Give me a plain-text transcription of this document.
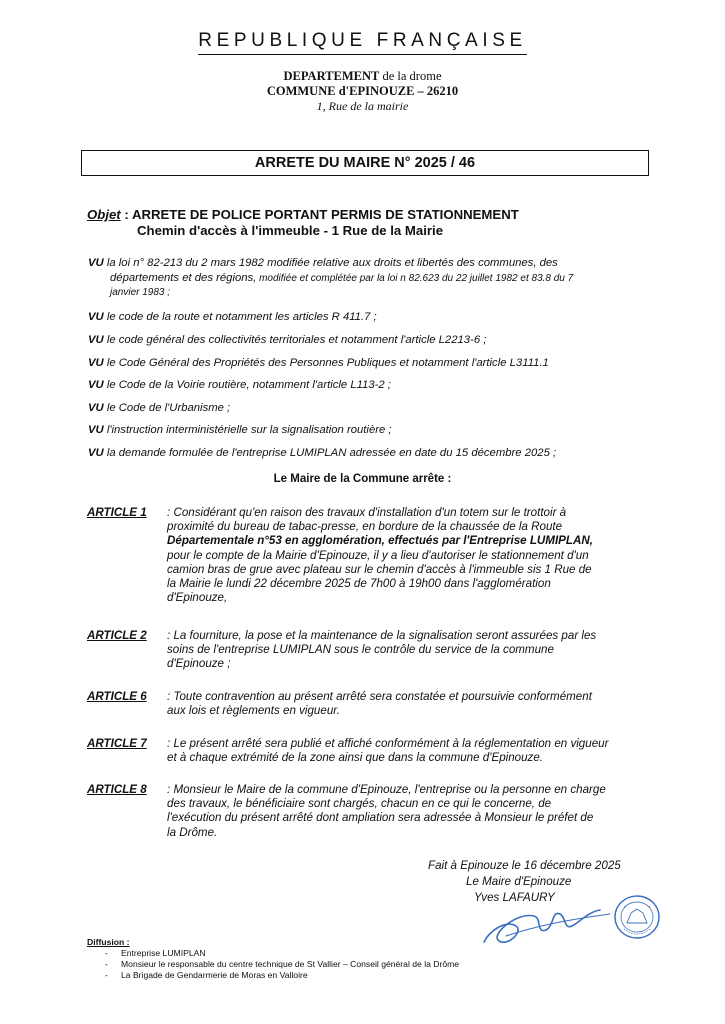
REPUBLIQUE FRANÇAISE
DEPARTEMENT de la drome
COMMUNE d'EPINOUZE – 26210
1, Rue de la mairie
ARRETE DU MAIRE N° 2025 / 46
Objet : ARRETE DE POLICE PORTANT PERMIS DE STATIONNEMENT
Chemin d'accès à l'immeuble - 1 Rue de la Mairie
VU la loi n° 82-213 du 2 mars 1982 modifiée relative aux droits et libertés des communes, des
départements et des régions, modifiée et complétée par la loi n 82.623 du 22 juillet 1982 et 83.8 du 7
janvier 1983 ;
VU le code de la route et notamment les articles R 411.7 ;
VU le code général des collectivités territoriales et notamment l'article L2213-6 ;
VU le Code Général des Propriétés des Personnes Publiques et notamment l'article L3111.1
VU le Code de la Voirie routière, notamment l'article L113-2 ;
VU le Code de l'Urbanisme ;
VU l'instruction interministérielle sur la signalisation routière ;
VU la demande formulée de l'entreprise LUMIPLAN adressée en date du 15 décembre 2025 ;
Le Maire de la Commune arrête :
ARTICLE 1 : Considérant qu'en raison des travaux d'installation d'un totem sur le trottoir à
proximité du bureau de tabac-presse, en bordure de la chaussée de la Route
Départementale n°53 en agglomération, effectués par l'Entreprise LUMIPLAN,
pour le compte de la Mairie d'Epinouze, il y a lieu d'autoriser le stationnement d'un
camion bras de grue avec plateau sur le chemin d'accès à l'immeuble sis 1 Rue de
la Mairie le lundi 22 décembre 2025 de 7h00 à 19h00 dans l'agglomération
d'Epinouze,
ARTICLE 2 : La fourniture, la pose et la maintenance de la signalisation seront assurées par les
soins de l'entreprise LUMIPLAN sous le contrôle du service de la commune
d'Epinouze ;
ARTICLE 6 : Toute contravention au présent arrêté sera constatée et poursuivie conformément
aux lois et règlements en vigueur.
ARTICLE 7 : Le présent arrêté sera publié et affiché conformément à la réglementation en vigueur
et à chaque extrémité de la zone ainsi que dans la commune d'Epinouze.
ARTICLE 8 : Monsieur le Maire de la commune d'Epinouze, l'entreprise ou la personne en charge
des travaux, le bénéficiaire sont chargés, chacun en ce qui le concerne, de
l'exécution du présent arrêté dont ampliation sera adressée à Monsieur le préfet de
la Drôme.
Fait à Epinouze le 16 décembre 2025
Le Maire d'Epinouze
Yves LAFAURY
Diffusion :
- Entreprise LUMIPLAN
- Monsieur le responsable du centre technique de St Vallier – Conseil général de la Drôme
- La Brigade de Gendarmerie de Moras en Valloire
